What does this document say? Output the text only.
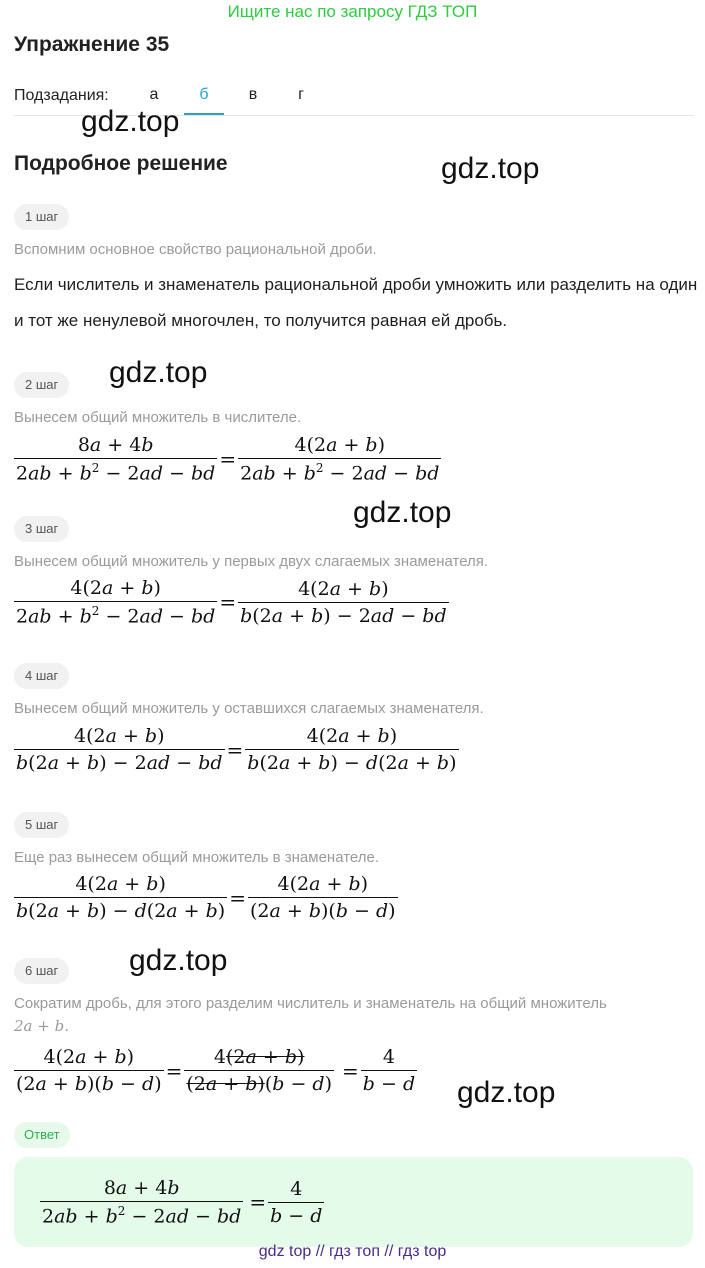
Ищите нас по запросу ГДЗ ТОП
Упражнение 35
Подзадания:	а	б	в	г
gdz.top
gdz.top
gdz.top
gdz.top
gdz.top
gdz.top
Подробное решение
1 шаг
Вспомним основное свойство рациональной дроби.
Если числитель и знаменатель рациональной дроби умножить или разделить на один и тот же ненулевой многочлен, то получится равная ей дробь.
2 шаг
Вынесем общий множитель в числителе.
$\frac{8a + 4b}{2ab + b^2 - 2ad - bd} = \frac{4(2a + b)}{2ab + b^2 - 2ad - bd}$
3 шаг
Вынесем общий множитель у первых двух слагаемых знаменателя.
$\frac{4(2a + b)}{2ab + b^2 - 2ad - bd} = \frac{4(2a + b)}{b(2a + b) - 2ad - bd}$
4 шаг
Вынесем общий множитель у оставшихся слагаемых знаменателя.
$\frac{4(2a + b)}{b(2a + b) - 2ad - bd} = \frac{4(2a + b)}{b(2a + b) - d(2a + b)}$
5 шаг
Еще раз вынесем общий множитель в знаменателе.
$\frac{4(2a + b)}{b(2a + b) - d(2a + b)} = \frac{4(2a + b)}{(2a + b)(b - d)}$
6 шаг
Сократим дробь, для этого разделим числитель и знаменатель на общий множитель
2a + b.
$\frac{4(2a + b)}{(2a + b)(b - d)} = \frac{4(2a + b)}{(2a + b)(b - d)} = \frac{4}{b - d}$
Ответ
$\frac{8a + 4b}{2ab + b^2 - 2ad - bd} = \frac{4}{b - d}$
gdz top // гдз топ // гдз top
